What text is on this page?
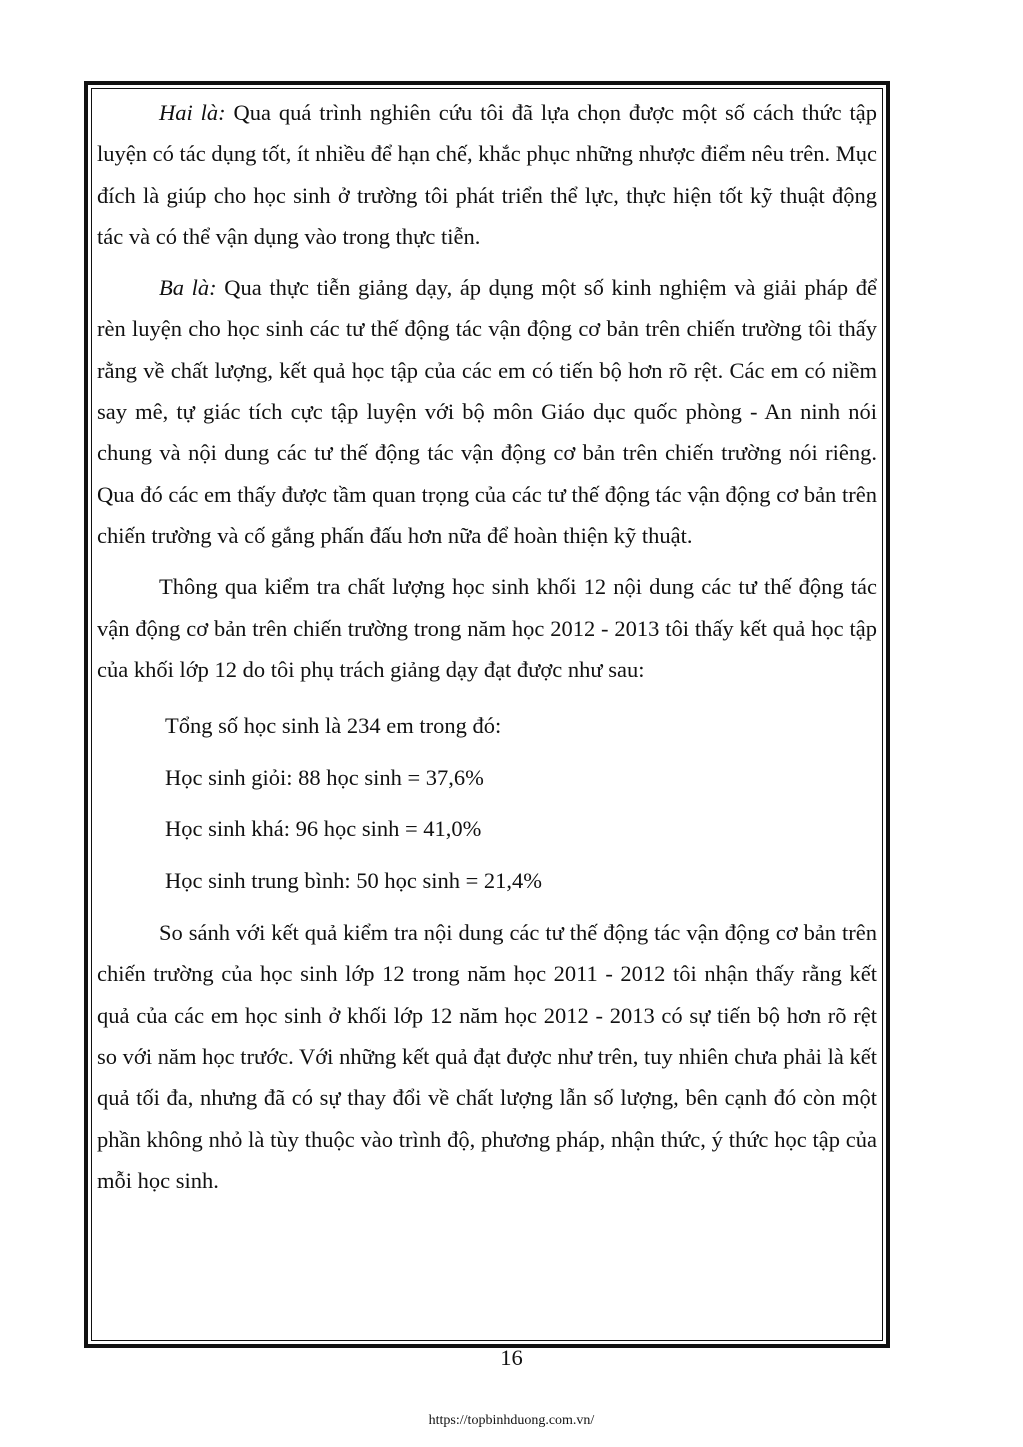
Hai là: Qua quá trình nghiên cứu tôi đã lựa chọn được một số cách thức tập luyện có tác dụng tốt, ít nhiều để hạn chế, khắc phục những nhược điểm nêu trên. Mục đích là giúp cho học sinh ở trường tôi phát triển thể lực, thực hiện tốt kỹ thuật động tác và có thể vận dụng vào trong thực tiễn.

Ba là: Qua thực tiễn giảng dạy, áp dụng một số kinh nghiệm và giải pháp để rèn luyện cho học sinh các tư thế động tác vận động cơ bản trên chiến trường tôi thấy rằng về chất lượng, kết quả học tập của các em có tiến bộ hơn rõ rệt. Các em có niềm say mê, tự giác tích cực tập luyện với bộ môn Giáo dục quốc phòng - An ninh nói chung và nội dung các tư thế động tác vận động cơ bản trên chiến trường nói riêng. Qua đó các em thấy được tầm quan trọng của các tư thế động tác vận động cơ bản trên chiến trường và cố gắng phấn đấu hơn nữa để hoàn thiện kỹ thuật.

Thông qua kiểm tra chất lượng học sinh khối 12 nội dung các tư thế động tác vận động cơ bản trên chiến trường trong năm học 2012 - 2013 tôi thấy kết quả học tập của khối lớp 12 do tôi phụ trách giảng dạy đạt được như sau:

Tổng số học sinh là 234 em trong đó:

Học sinh giỏi: 88 học sinh = 37,6%

Học sinh khá: 96 học sinh = 41,0%

Học sinh trung bình: 50 học sinh = 21,4%

So sánh với kết quả kiểm tra nội dung các tư thế động tác vận động cơ bản trên chiến trường của học sinh lớp 12 trong năm học 2011 - 2012 tôi nhận thấy rằng kết quả của các em học sinh ở khối lớp 12 năm học 2012 - 2013 có sự tiến bộ hơn rõ rệt so với năm học trước. Với những kết quả đạt được như trên, tuy nhiên chưa phải là kết quả tối đa, nhưng đã có sự thay đổi về chất lượng lẫn số lượng, bên cạnh đó còn một phần không nhỏ là tùy thuộc vào trình độ, phương pháp, nhận thức, ý thức học tập của mỗi học sinh.

16
https://topbinhduong.com.vn/
